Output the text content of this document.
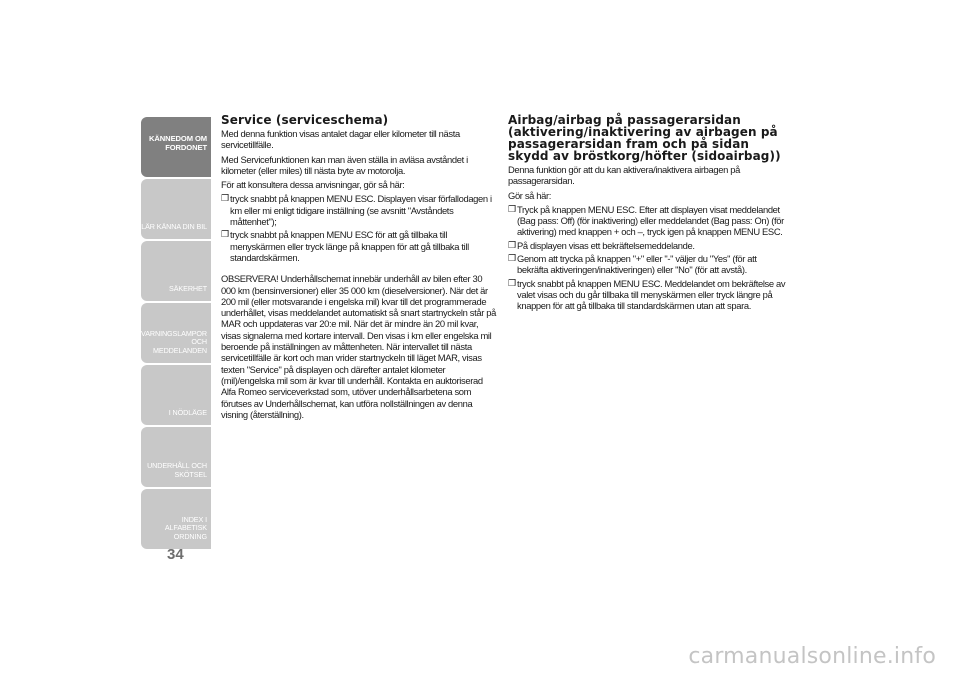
KÄNNEDOM OM
FORDONET
LÄR KÄNNA DIN BIL
SÄKERHET
VARNINGSLAMPOR
OCH MEDDELANDEN
I NÖDLÄGE
UNDERHÅLL OCH
SKÖTSEL
INDEX I ALFABETISK
ORDNING
34
Service (serviceschema)

Med denna funktion visas antalet dagar eller kilometer till nästa servicetillfälle.

Med Servicefunktionen kan man även ställa in avläsa avståndet i kilometer (eller miles) till nästa byte av motorolja.

För att konsultera dessa anvisningar, gör så här:

❒ tryck snabbt på knappen MENU ESC. Displayen visar förfallodagen i km eller mi enligt tidigare inställning (se avsnitt "Avståndets måttenhet");
❒ tryck snabbt på knappen MENU ESC för att gå tillbaka till menyskärmen eller tryck länge på knappen för att gå tillbaka till standardskärmen.

OBSERVERA! Underhållschemat innebär underhåll av bilen efter 30 000 km (bensinversioner) eller 35 000 km (dieselversioner). När det är 200 mil (eller motsvarande i engelska mil) kvar till det programmerade underhållet, visas meddelandet automatiskt så snart startnyckeln står på MAR och uppdateras var 20:e mil. När det är mindre än 20 mil kvar, visas signalerna med kortare intervall. Den visas i km eller engelska mil beroende på inställningen av måttenheten. När intervallet till nästa servicetillfälle är kort och man vrider startnyckeln till läget MAR, visas texten "Service" på displayen och därefter antalet kilometer (mil)/engelska mil som är kvar till underhåll. Kontakta en auktoriserad Alfa Romeo serviceverkstad som, utöver underhållsarbetena som förutses av Underhållschemat, kan utföra nollställningen av denna visning (återställning).

Airbag/airbag på passagerarsidan (aktivering/inaktivering av airbagen på passagerarsidan fram och på sidan skydd av bröstkorg/höfter (sidoairbag))

Denna funktion gör att du kan aktivera/inaktivera airbagen på passagerarsidan.

Gör så här:

❒ Tryck på knappen MENU ESC. Efter att displayen visat meddelandet (Bag pass: Off) (för inaktivering) eller meddelandet (Bag pass: On) (för aktivering) med knappen + och –, tryck igen på knappen MENU ESC.
❒ På displayen visas ett bekräftelsemeddelande.
❒ Genom att trycka på knappen "+" eller "-" väljer du "Yes" (för att bekräfta aktiveringen/inaktiveringen) eller "No" (för att avstå).
❒ tryck snabbt på knappen MENU ESC. Meddelandet om bekräftelse av valet visas och du går tillbaka till menyskärmen eller tryck längre på knappen för att gå tillbaka till standardskärmen utan att spara.
carmanualsonline.info
